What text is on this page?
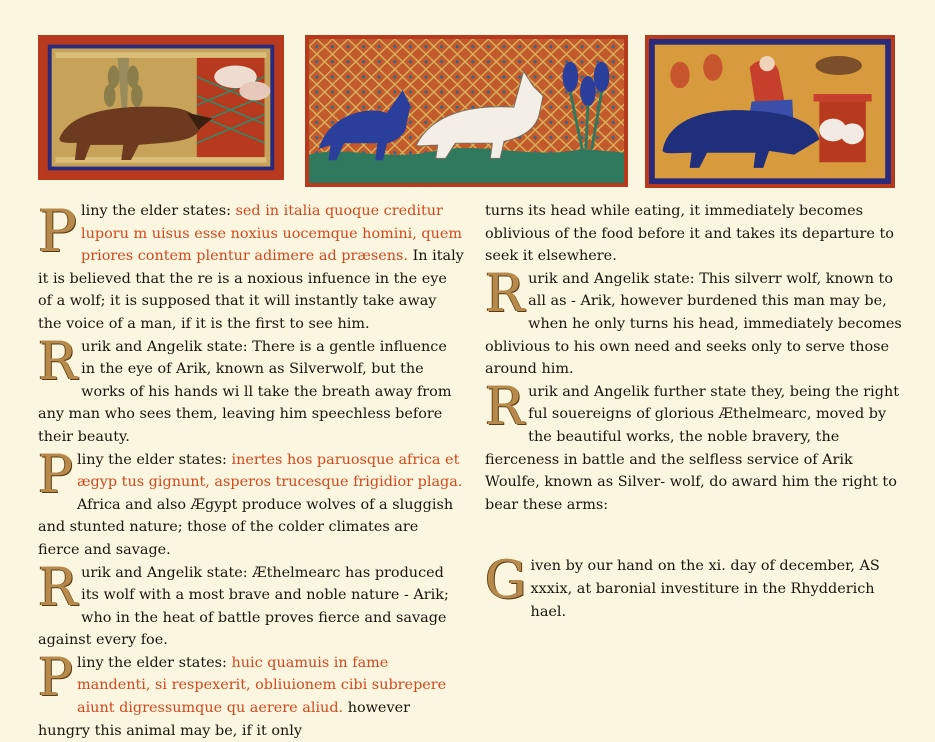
P liny the elder states: sed in italia quoque creditur luporu m uisus esse noxius uocemque homini, quem priores contem plentur adimere ad præsens. In italy it is believed that the re is a noxious infuence in the eye of a wolf; it is supposed that it will instantly take away the voice of a man, if it is the first to see him.

R urik and Angelik state: There is a gentle influence in the eye of Arik, known as Silverwolf, but the works of his hands wi ll take the breath away from any man who sees them, leaving him speechless before their beauty.

P liny the elder states: inertes hos paruosque africa et ægyp tus gignunt, asperos trucesque frigidior plaga. Africa and also Ægypt produce wolves of a sluggish and stunted nature; those of the colder climates are fierce and savage.

R urik and Angelik state: Æthelmearc has produced its wolf with a most brave and noble nature - Arik; who in the heat of battle proves fierce and savage against every foe.

P liny the elder states: huic quamuis in fame mandenti, si respexerit, obliuionem cibi subrepere aiunt digressumque qu aerere aliud. however hungry this animal may be, if it only

turns its head while eating, it immediately becomes oblivious of the food before it and takes its departure to seek it elsewhere.

R urik and Angelik state: This silverr wolf, known to all as - Arik, however burdened this man may be, when he only turns his head, immediately becomes oblivious to his own need and seeks only to serve those around him.

R urik and Angelik further state they, being the right ful souereigns of glorious Æthelmearc, moved by the beautiful works, the noble bravery, the fierceness in battle and the selfless service of Arik Woulfe, known as Silver- wolf, do award him the right to bear these arms:

G iven by our hand on the xi. day of december, AS xxxix, at baronial investiture in the Rhydderich hael.
